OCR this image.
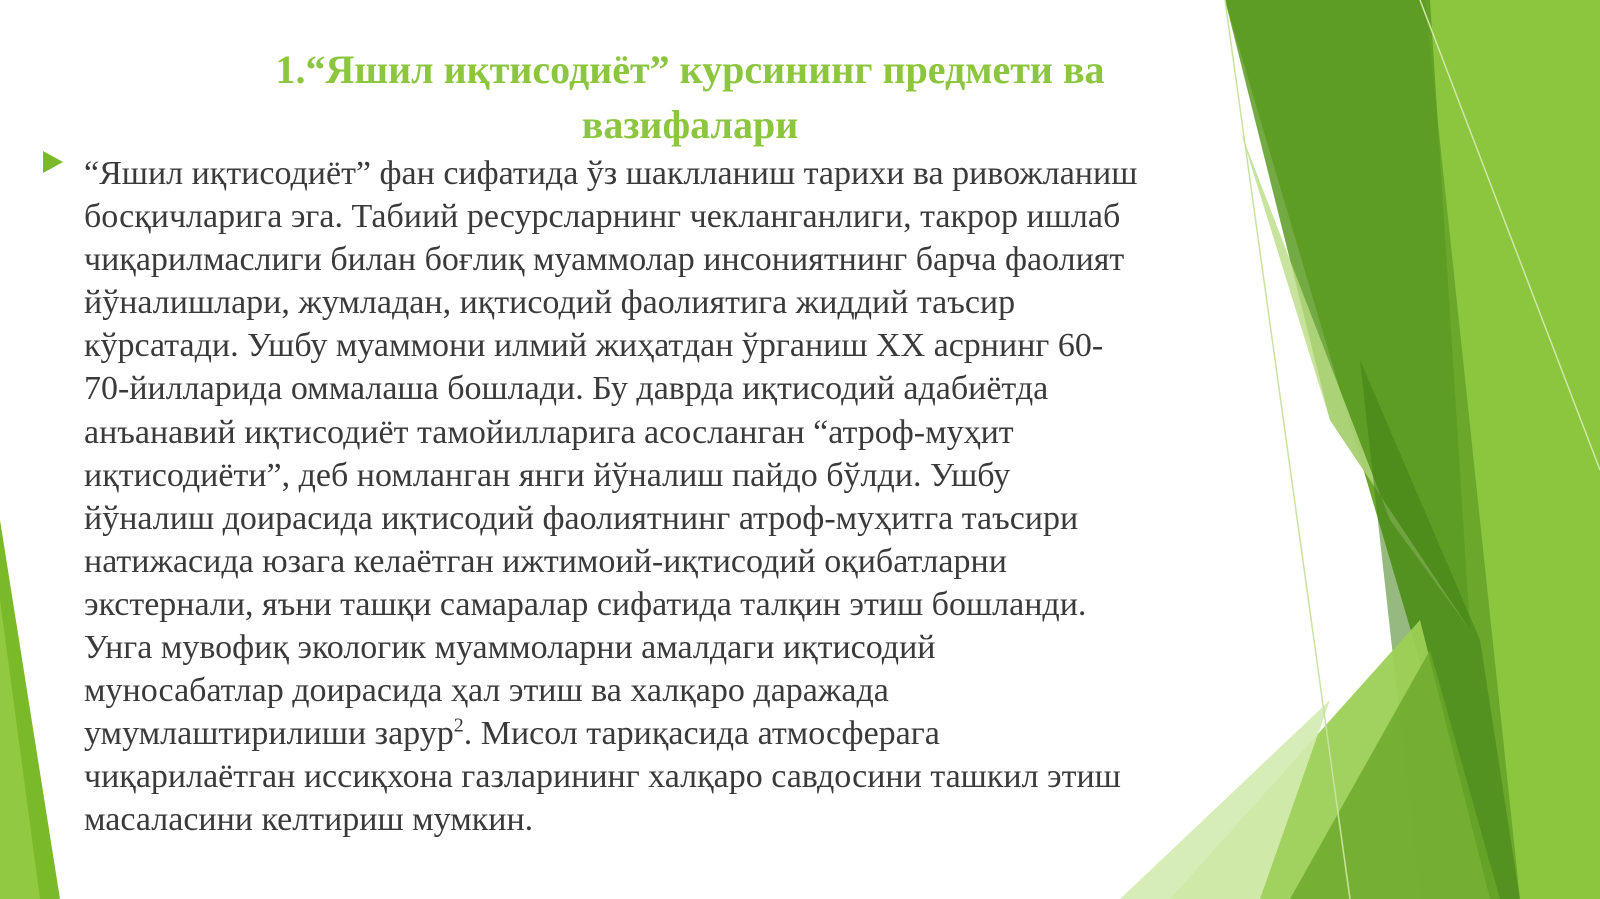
1.“Яшил иқтисодиёт” курсининг предмети ва
вазифалари
“Яшил иқтисодиёт” фан сифатида ўз шаклланиш тарихи ва ривожланиш
босқичларига эга. Табиий ресурсларнинг чекланганлиги, такрор ишлаб
чиқарилмаслиги билан боғлиқ муаммолар инсониятнинг барча фаолият
йўналишлари, жумладан, иқтисодий фаолиятига жиддий таъсир
кўрсатади. Ушбу муаммони илмий жиҳатдан ўрганиш XX асрнинг 60-
70-йилларида оммалаша бошлади. Бу даврда иқтисодий адабиётда
анъанавий иқтисодиёт тамойилларига асосланган “атроф-муҳит
иқтисодиёти”, деб номланган янги йўналиш пайдо бўлди. Ушбу
йўналиш доирасида иқтисодий фаолиятнинг атроф-муҳитга таъсири
натижасида юзага келаётган ижтимоий-иқтисодий оқибатларни
экстернали, яъни ташқи самаралар сифатида талқин этиш бошланди.
Унга мувофиқ экологик муаммоларни амалдаги иқтисодий
муносабатлар доирасида ҳал этиш ва халқаро даражада
умумлаштирилиши зарур$^2$. Мисол тариқасида атмосферага
чиқарилаётган иссиқхона газларининг халқаро савдосини ташкил этиш
масаласини келтириш мумкин.
